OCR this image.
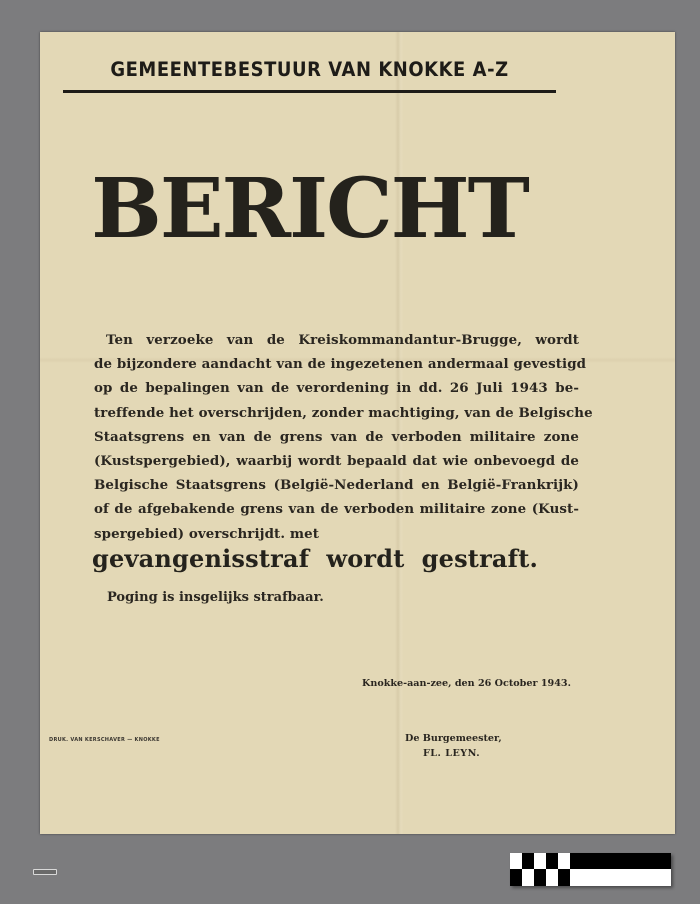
GEMEENTEBESTUUR VAN KNOKKE A-Z
BERICHT
Ten verzoeke van de Kreiskommandantur-Brugge, wordt
de bijzondere aandacht van de ingezetenen andermaal gevestigd
op de bepalingen van de verordening in dd. 26 Juli 1943 be-
treffende het overschrijden, zonder machtiging, van de Belgische
Staatsgrens en van de grens van de verboden militaire zone
(Kustspergebied), waarbij wordt bepaald dat wie onbevoegd de
Belgische Staatsgrens (België-Nederland en België-Frankrijk)
of de afgebakende grens van de verboden militaire zone (Kust-
spergebied) overschrijdt. met
gevangenisstraf  wordt  gestraft.
Poging is insgelijks strafbaar.
Knokke-aan-zee, den 26 October 1943.
De Burgemeester,
FL. LEYN.
DRUK. VAN KERSCHAVER — KNOKKE
